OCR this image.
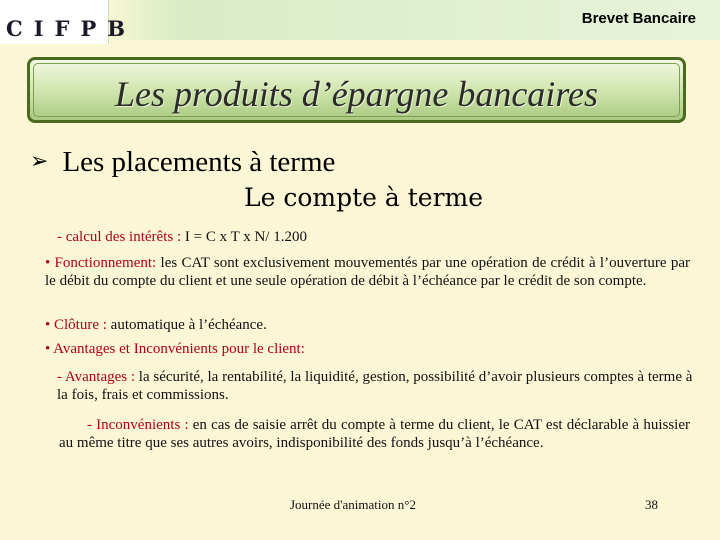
CIFPB	Brevet Bancaire
Les produits d’épargne bancaires
➢ Les placements à terme
Le compte à terme
- calcul des intérêts : I = C x T x N/ 1.200
• Fonctionnement: les CAT sont exclusivement mouvementés par une opération de crédit à l’ouverture par le débit du compte du client et une seule opération de débit à l’échéance par le crédit de son compte.
• Clôture : automatique à l’échéance.
• Avantages et Inconvénients pour le client:
- Avantages : la sécurité, la rentabilité, la liquidité, gestion, possibilité d’avoir plusieurs comptes à terme à la fois, frais et commissions.
- Inconvénients : en cas de saisie arrêt du compte à terme du client, le CAT est déclarable à huissier au même titre que ses autres avoirs, indisponibilité des fonds jusqu’à l’échéance.
Journée d'animation n°2	38
